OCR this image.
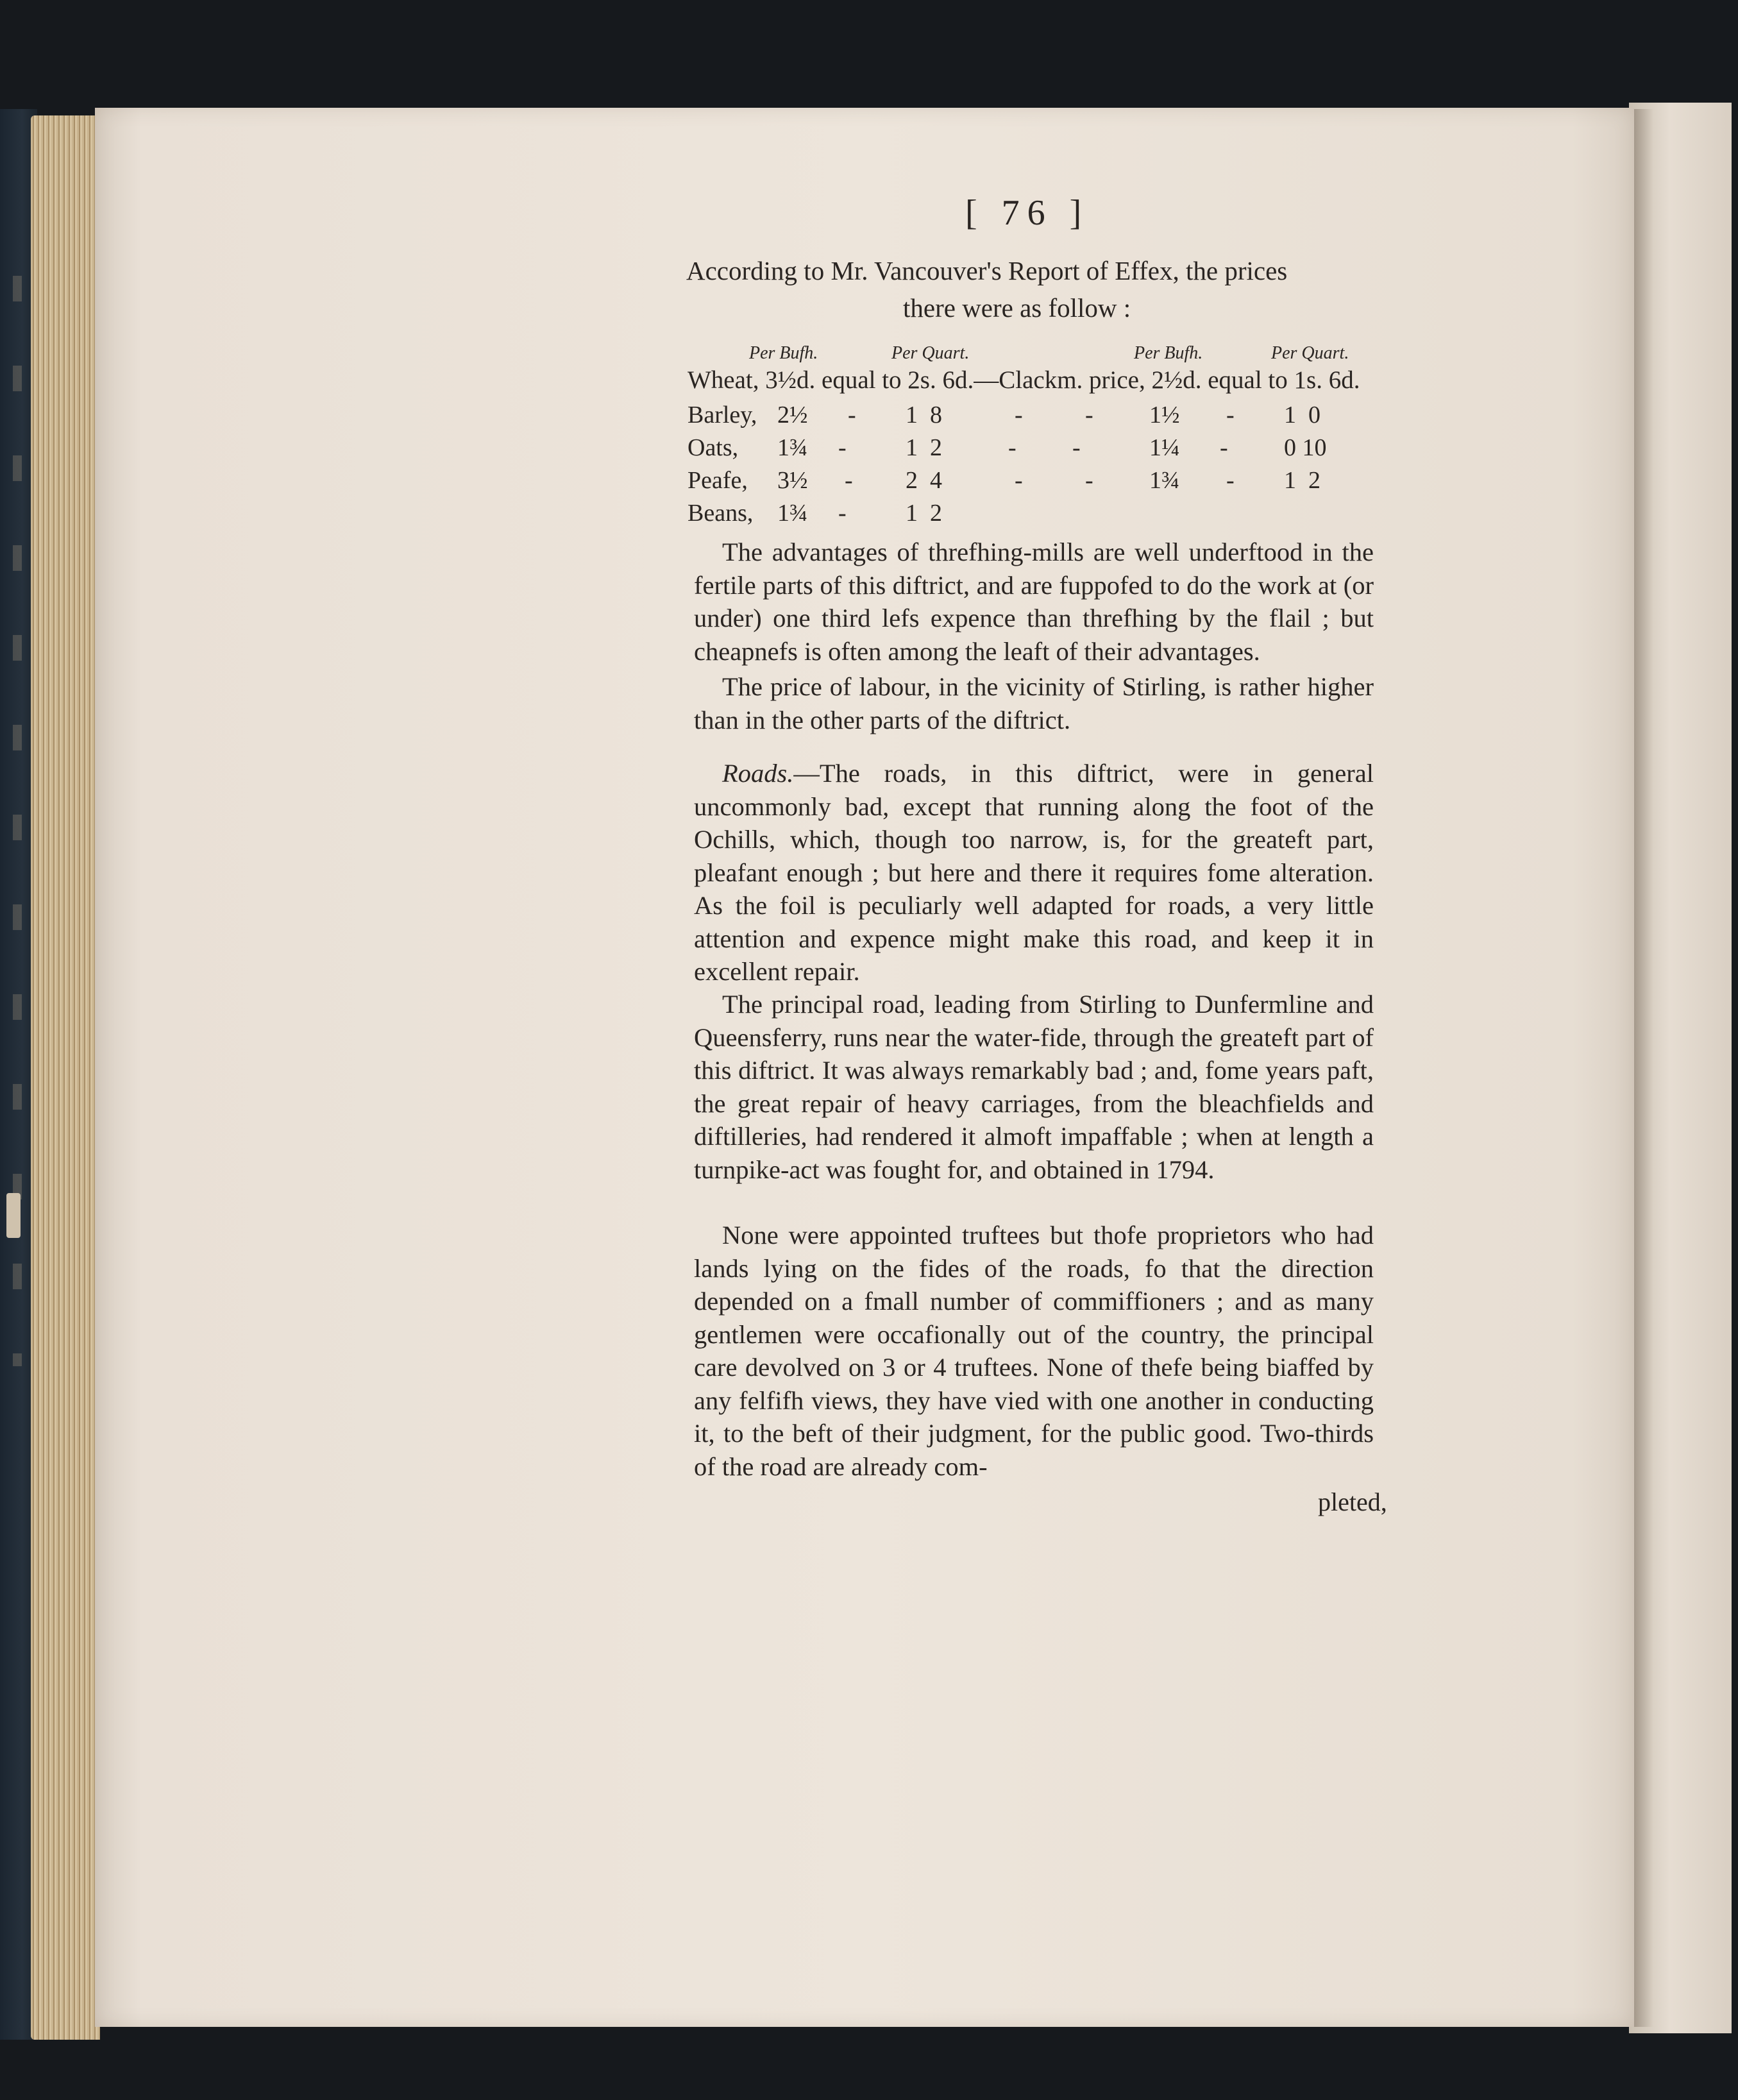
[ 76 ]
According to Mr. Vancouver's Report of Effex, the prices
there were as follow :
Per Bufh.	Per Quart.	Per Bufh.	Per Quart.
Wheat, 3½d. equal to 2s. 6d.—Clackm. price, 2½d. equal to 1s. 6d.
Barley, 2½ - 1  8	-	- 1½ - 1  0
Oats, 1¾ - 1  2	- -	1¼ - 0 10
Peafe, 3½ - 2  4	-	- 1¾ - 1  2
Beans, 1¾ - 1  2

The advantages of threfhing-mills are well underftood in the fertile parts of this diftrict, and are fuppofed to do the work at (or under) one third lefs expence than threfhing by the flail ; but cheapnefs is often among the leaft of their advantages.

The price of labour, in the vicinity of Stirling, is rather higher than in the other parts of the diftrict.

Roads.—The roads, in this diftrict, were in general uncommonly bad, except that running along the foot of the Ochills, which, though too narrow, is, for the greateft part, pleafant enough ; but here and there it requires fome alteration. As the foil is peculiarly well adapted for roads, a very little attention and expence might make this road, and keep it in excellent repair.

The principal road, leading from Stirling to Dunfermline and Queensferry, runs near the water-fide, through the greateft part of this diftrict. It was always remarkably bad ; and, fome years paft, the great repair of heavy carriages, from the bleachfields and diftilleries, had rendered it almoft impaffable ; when at length a turnpike-act was fought for, and obtained in 1794.

None were appointed truftees but thofe proprietors who had lands lying on the fides of the roads, fo that the direction depended on a fmall number of commiffioners ; and as many gentlemen were occafionally out of the country, the principal care devolved on 3 or 4 truftees. None of thefe being biaffed by any felfifh views, they have vied with one another in conducting it, to the beft of their judgment, for the public good. Two-thirds of the road are already com-

pleted,
